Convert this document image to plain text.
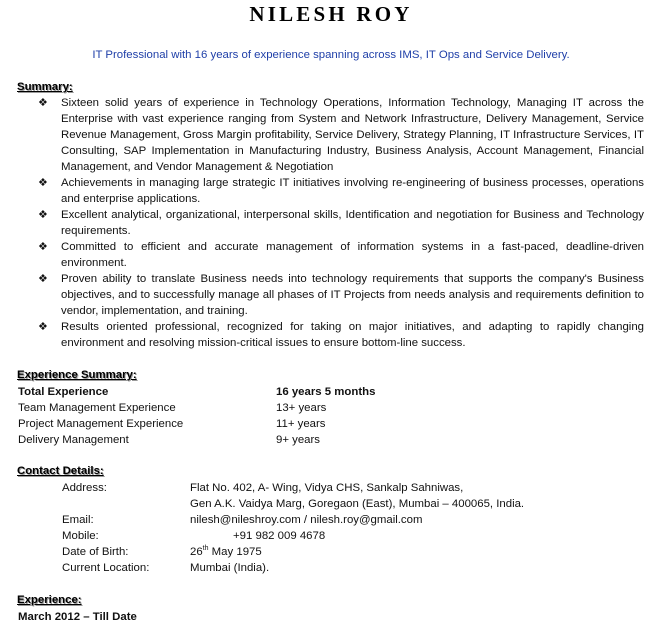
NILESH ROY
IT Professional with 16 years of experience spanning across IMS, IT Ops and Service Delivery.
Summary:
❖ Sixteen solid years of experience in Technology Operations, Information Technology, Managing IT across the Enterprise with vast experience ranging from System and Network Infrastructure, Delivery Management, Service Revenue Management, Gross Margin profitability, Service Delivery, Strategy Planning, IT Infrastructure Services, IT Consulting, SAP Implementation in Manufacturing Industry, Business Analysis, Account Management, Financial Management, and Vendor Management & Negotiation
❖ Achievements in managing large strategic IT initiatives involving re-engineering of business processes, operations and enterprise applications.
❖ Excellent analytical, organizational, interpersonal skills, Identification and negotiation for Business and Technology requirements.
❖ Committed to efficient and accurate management of information systems in a fast-paced, deadline-driven environment.
❖ Proven ability to translate Business needs into technology requirements that supports the company's Business objectives, and to successfully manage all phases of IT Projects from needs analysis and requirements definition to vendor, implementation, and training.
❖ Results oriented professional, recognized for taking on major initiatives, and adapting to rapidly changing environment and resolving mission-critical issues to ensure bottom-line success.
Experience Summary:
Total Experience	16 years 5 months
Team Management Experience	13+ years
Project Management Experience	11+ years
Delivery Management	9+ years
Contact Details:
Address:	Flat No. 402, A- Wing, Vidya CHS, Sankalp Sahniwas,
Gen A.K. Vaidya Marg, Goregaon (East), Mumbai – 400065, India.
Email:	nilesh@nileshroy.com / nilesh.roy@gmail.com
Mobile:	+91 982 009 4678
Date of Birth:	26th May 1975
Current Location:	Mumbai (India).
Experience:
March 2012 – Till Date
